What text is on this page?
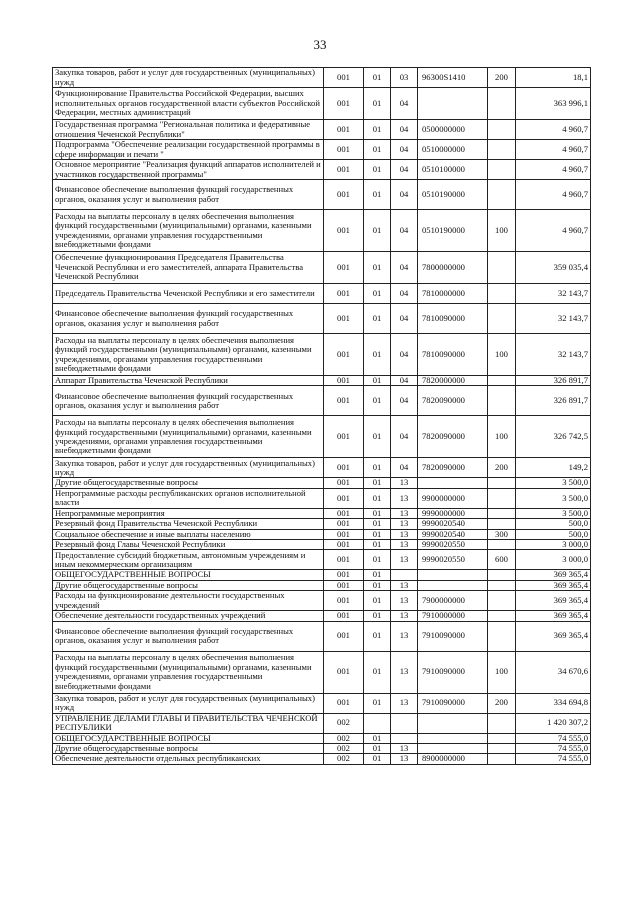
33
Закупка товаров, работ и услуг для государственных (муниципальных) нужд	001	01	03	96300S1410	200	18,1
Функционирование Правительства Российской Федерации, высших исполнительных органов государственной власти субъектов Российской Федерации, местных администраций	001	01	04			363 996,1
Государственная программа "Региональная политика и федеративные отношения Чеченской Республики"	001	01	04	0500000000		4 960,7
Подпрограмма "Обеспечение реализации государственной программы в сфере информации и печати "	001	01	04	0510000000		4 960,7
Основное мероприятие "Реализация функций аппаратов исполнителей и участников государственной программы"	001	01	04	0510100000		4 960,7
Финансовое обеспечение выполнения функций государственных органов, оказания услуг и выполнения работ	001	01	04	0510190000		4 960,7
Расходы на выплаты персоналу в целях обеспечения выполнения функций государственными (муниципальными) органами, казенными учреждениями, органами управления государственными внебюджетными фондами	001	01	04	0510190000	100	4 960,7
Обеспечение функционирования Председателя Правительства Чеченской Республики и его заместителей, аппарата Правительства Чеченской Республики	001	01	04	7800000000		359 035,4
Председатель Правительства Чеченской Республики и его заместители	001	01	04	7810000000		32 143,7
Финансовое обеспечение выполнения функций государственных органов, оказания услуг и выполнения работ	001	01	04	7810090000		32 143,7
Расходы на выплаты персоналу в целях обеспечения выполнения функций государственными (муниципальными) органами, казенными учреждениями, органами управления государственными внебюджетными фондами	001	01	04	7810090000	100	32 143,7
Аппарат Правительства Чеченской Республики	001	01	04	7820000000		326 891,7
Финансовое обеспечение выполнения функций государственных органов, оказания услуг и выполнения работ	001	01	04	7820090000		326 891,7
Расходы на выплаты персоналу в целях обеспечения выполнения функций государственными (муниципальными) органами, казенными учреждениями, органами управления государственными внебюджетными фондами	001	01	04	7820090000	100	326 742,5
Закупка товаров, работ и услуг для государственных (муниципальных) нужд	001	01	04	7820090000	200	149,2
Другие общегосударственные вопросы	001	01	13			3 500,0
Непрограммные расходы республиканских органов исполнительной власти	001	01	13	9900000000		3 500,0
Непрограммные мероприятия	001	01	13	9990000000		3 500,0
Резервный фонд Правительства Чеченской Республики	001	01	13	9990020540		500,0
Социальное обеспечение и иные выплаты населению	001	01	13	9990020540	300	500,0
Резервный фонд Главы Чеченской Республики	001	01	13	9990020550		3 000,0
Предоставление субсидий бюджетным, автономным учреждениям и иным некоммерческим организациям	001	01	13	9990020550	600	3 000,0
ОБЩЕГОСУДАРСТВЕННЫЕ ВОПРОСЫ	001	01				369 365,4
Другие общегосударственные вопросы	001	01	13			369 365,4
Расходы на функционирование деятельности государственных учреждений	001	01	13	7900000000		369 365,4
Обеспечение деятельности государственных учреждений	001	01	13	7910000000		369 365,4
Финансовое обеспечение выполнения функций государственных органов, оказания услуг и выполнения работ	001	01	13	7910090000		369 365,4
Расходы на выплаты персоналу в целях обеспечения выполнения функций государственными (муниципальными) органами, казенными учреждениями, органами управления государственными внебюджетными фондами	001	01	13	7910090000	100	34 670,6
Закупка товаров, работ и услуг для государственных (муниципальных) нужд	001	01	13	7910090000	200	334 694,8
УПРАВЛЕНИЕ ДЕЛАМИ ГЛАВЫ И ПРАВИТЕЛЬСТВА ЧЕЧЕНСКОЙ РЕСПУБЛИКИ	002					1 420 307,2
ОБЩЕГОСУДАРСТВЕННЫЕ ВОПРОСЫ	002	01				74 555,0
Другие общегосударственные вопросы	002	01	13			74 555,0
Обеспечение деятельности отдельных республиканских	002	01	13	8900000000		74 555,0
